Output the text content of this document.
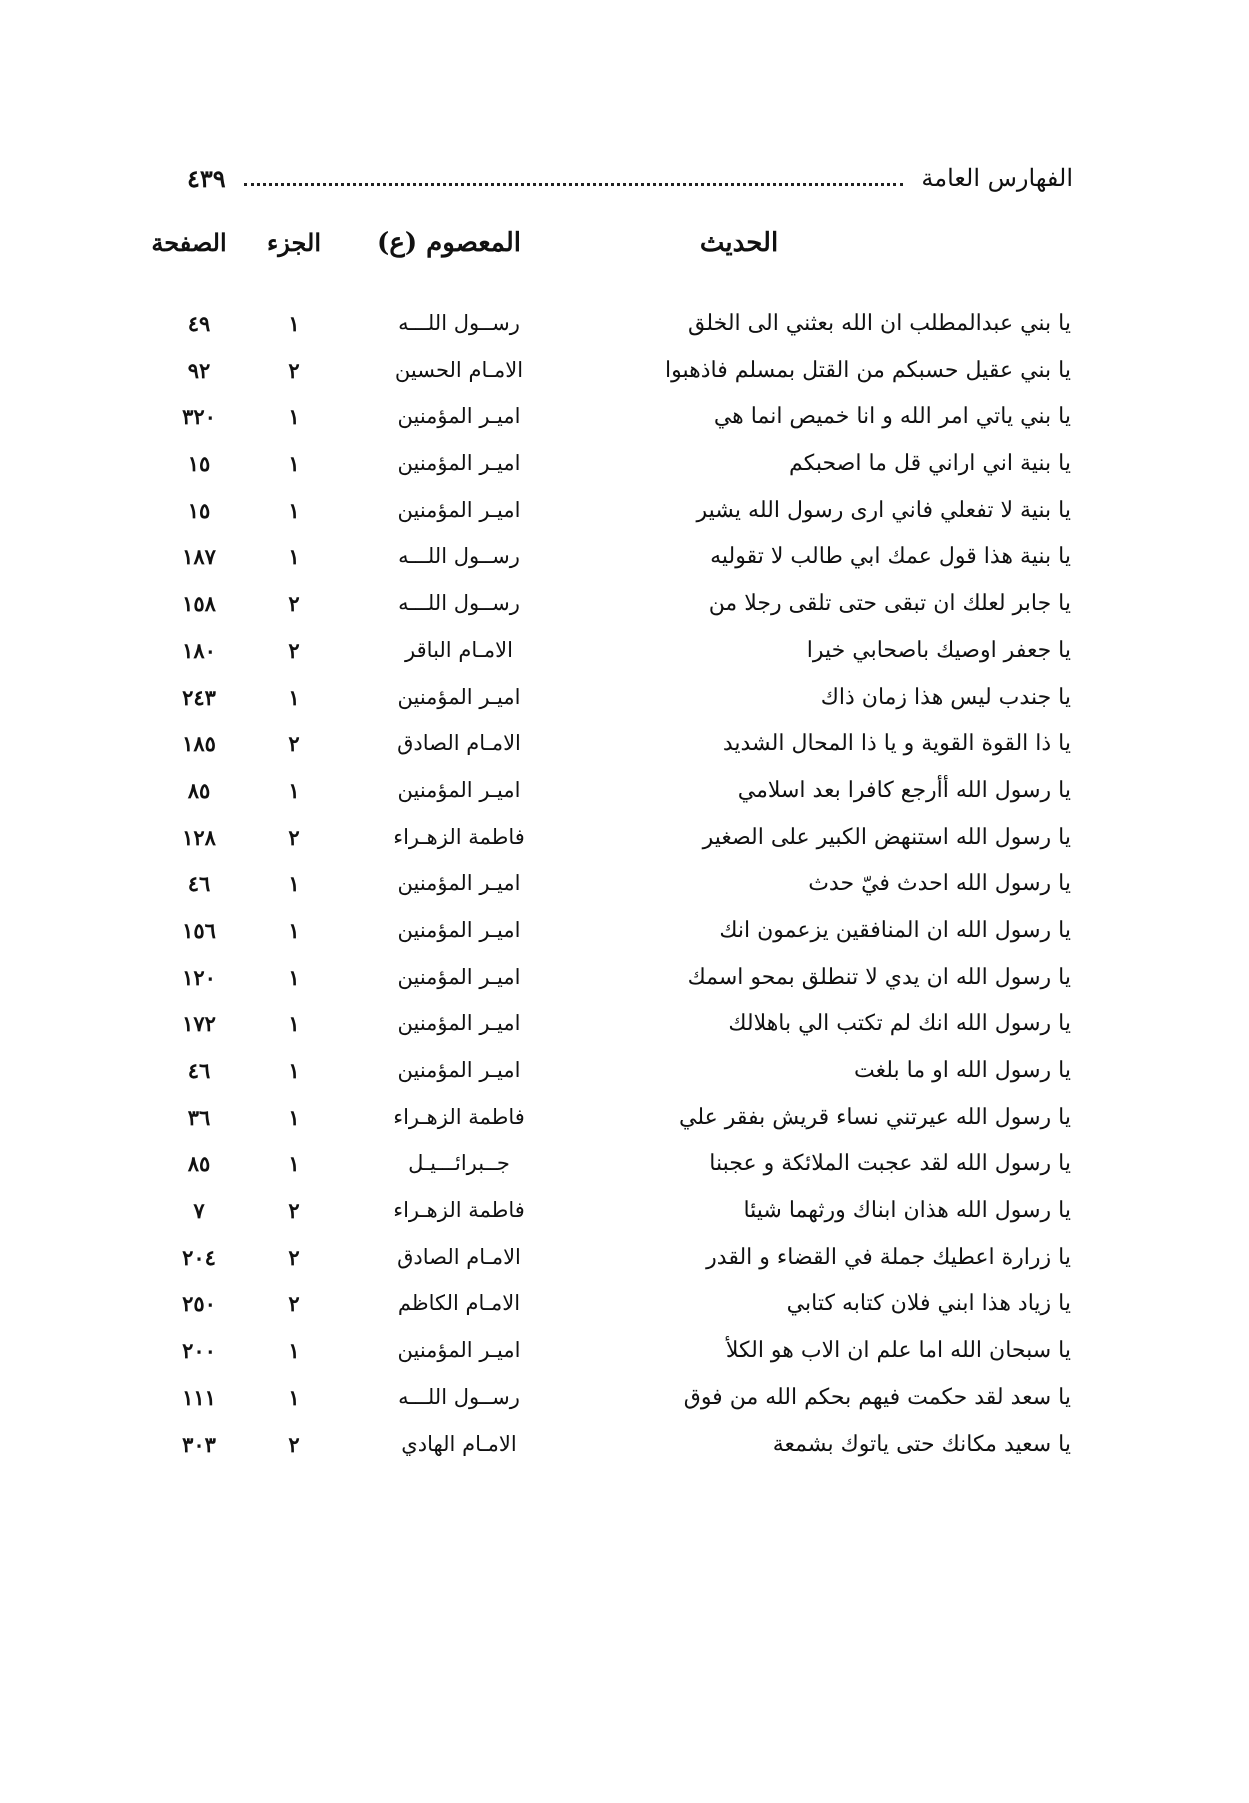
الفهارس العامة
٤٣٩
الحديث
المعصوم (ع)
الجزء
الصفحة
يا بني عبدالمطلب ان الله بعثني الى الخلق
رســول اللـــه
١
٤٩
يا بني عقيل حسبكم من القتل بمسلم فاذهبوا
الامـام الحسين
٢
٩٢
يا بني ياتي امر الله و انا خميص انما هي
اميـر المؤمنين
١
٣٢٠
يا بنية اني اراني قل ما اصحبكم
اميـر المؤمنين
١
١٥
يا بنية لا تفعلي فاني ارى رسول الله يشير
اميـر المؤمنين
١
١٥
يا بنية هذا قول عمك ابي طالب لا تقوليه
رســول اللـــه
١
١٨٧
يا جابر لعلك ان تبقى حتى تلقى رجلا من
رســول اللـــه
٢
١٥٨
يا جعفر اوصيك باصحابي خيرا
الامـام الباقر
٢
١٨٠
يا جندب ليس هذا زمان ذاك
اميـر المؤمنين
١
٢٤٣
يا ذا القوة القوية و يا ذا المحال الشديد
الامـام الصادق
٢
١٨٥
يا رسول الله أأرجع كافرا بعد اسلامي
اميـر المؤمنين
١
٨٥
يا رسول الله استنهض الكبير على الصغير
فاطمة الزهـراء
٢
١٢٨
يا رسول الله احدث فيّ حدث
اميـر المؤمنين
١
٤٦
يا رسول الله ان المنافقين يزعمون انك
اميـر المؤمنين
١
١٥٦
يا رسول الله ان يدي لا تنطلق بمحو اسمك
اميـر المؤمنين
١
١٢٠
يا رسول الله انك لم تكتب الي باهلالك
اميـر المؤمنين
١
١٧٢
يا رسول الله او ما بلغت
اميـر المؤمنين
١
٤٦
يا رسول الله عيرتني نساء قريش بفقر علي
فاطمة الزهـراء
١
٣٦
يا رسول الله لقد عجبت الملائكة و عجبنا
جــبرائـــيـل
١
٨٥
يا رسول الله هذان ابناك ورثهما شيئا
فاطمة الزهـراء
٢
٧
يا زرارة اعطيك جملة في القضاء و القدر
الامـام الصادق
٢
٢٠٤
يا زياد هذا ابني فلان كتابه كتابي
الامـام الكاظم
٢
٢٥٠
يا سبحان الله اما علم ان الاب هو الكلأ
اميـر المؤمنين
١
٢٠٠
يا سعد لقد حكمت فيهم بحكم الله من فوق
رســول اللـــه
١
١١١
يا سعيد مكانك حتى ياتوك بشمعة
الامـام الهادي
٢
٣٠٣
